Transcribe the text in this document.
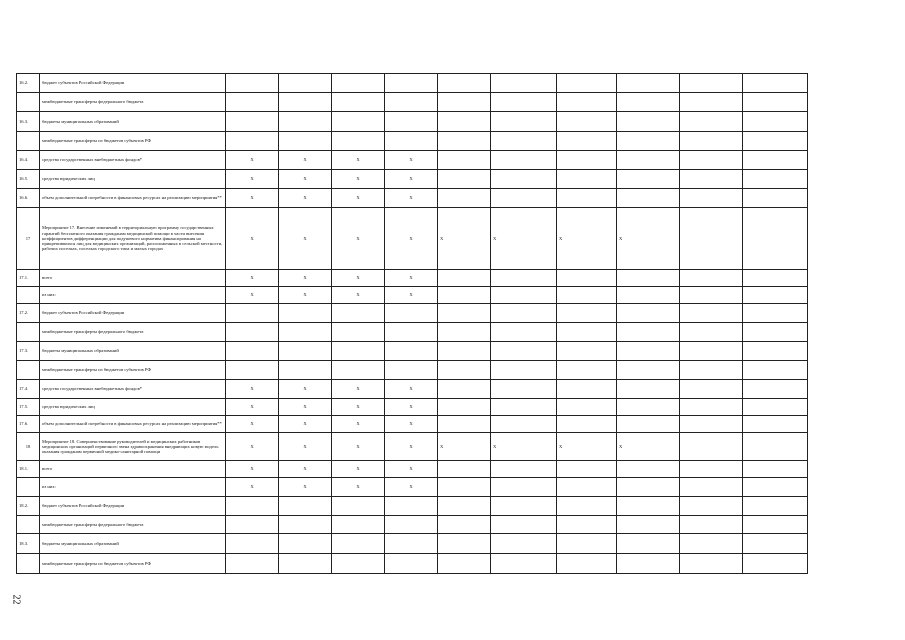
16.2.	бюджет субъектов Российской Федерации										
	межбюджетные трансферты федерального бюджета										
16.3.	бюджеты муниципальных образований										
	межбюджетные трансферты из бюджетов субъектов РФ										
16.4.	средства государственных внебюджетных фондов*	X	X	X	X						
16.5.	средства юридических лиц	X	X	X	X						
16.6.	объем дополнительной потребности в финансовых ресурсах на реализацию мероприятия**	X	X	X	X						
17	Мероприятие 17. Внесение изменений в территориальную программу государственных гарантий бесплатного оказания гражданам медицинской помощи в части внесения коэффициентов дифференциации для подушевого норматива финансирования на прикрепившихся лиц для медицинских организаций, расположенных в сельской местности, рабочих поселках, поселках городского типа и малых городах	X	X	X	X	X	X	X	X		
17.1.	всего	X	X	X	X						
	из них:	X	X	X	X						
17.2.	бюджет субъектов Российской Федерации										
	межбюджетные трансферты федерального бюджета										
17.3.	бюджеты муниципальных образований										
	межбюджетные трансферты из бюджетов субъектов РФ										
17.4.	средства государственных внебюджетных фондов*	X	X	X	X						
17.5.	средства юридических лиц	X	X	X	X						
17.6.	объем дополнительной потребности в финансовых ресурсах на реализацию мероприятия**	X	X	X	X						
18	Мероприятие 18. Совершенствование руководителей и медицинских работников медицинских организаций первичного звена здравоохранения внедряющих новую модель оказания гражданам первичной медико-санитарной помощи	X	X	X	X	X	X	X	X		
18.1.	всего	X	X	X	X						
	из них:	X	X	X	X						
18.2.	бюджет субъектов Российской Федерации										
	межбюджетные трансферты федерального бюджета										
18.3.	бюджеты муниципальных образований										
	межбюджетные трансферты из бюджетов субъектов РФ										
22
